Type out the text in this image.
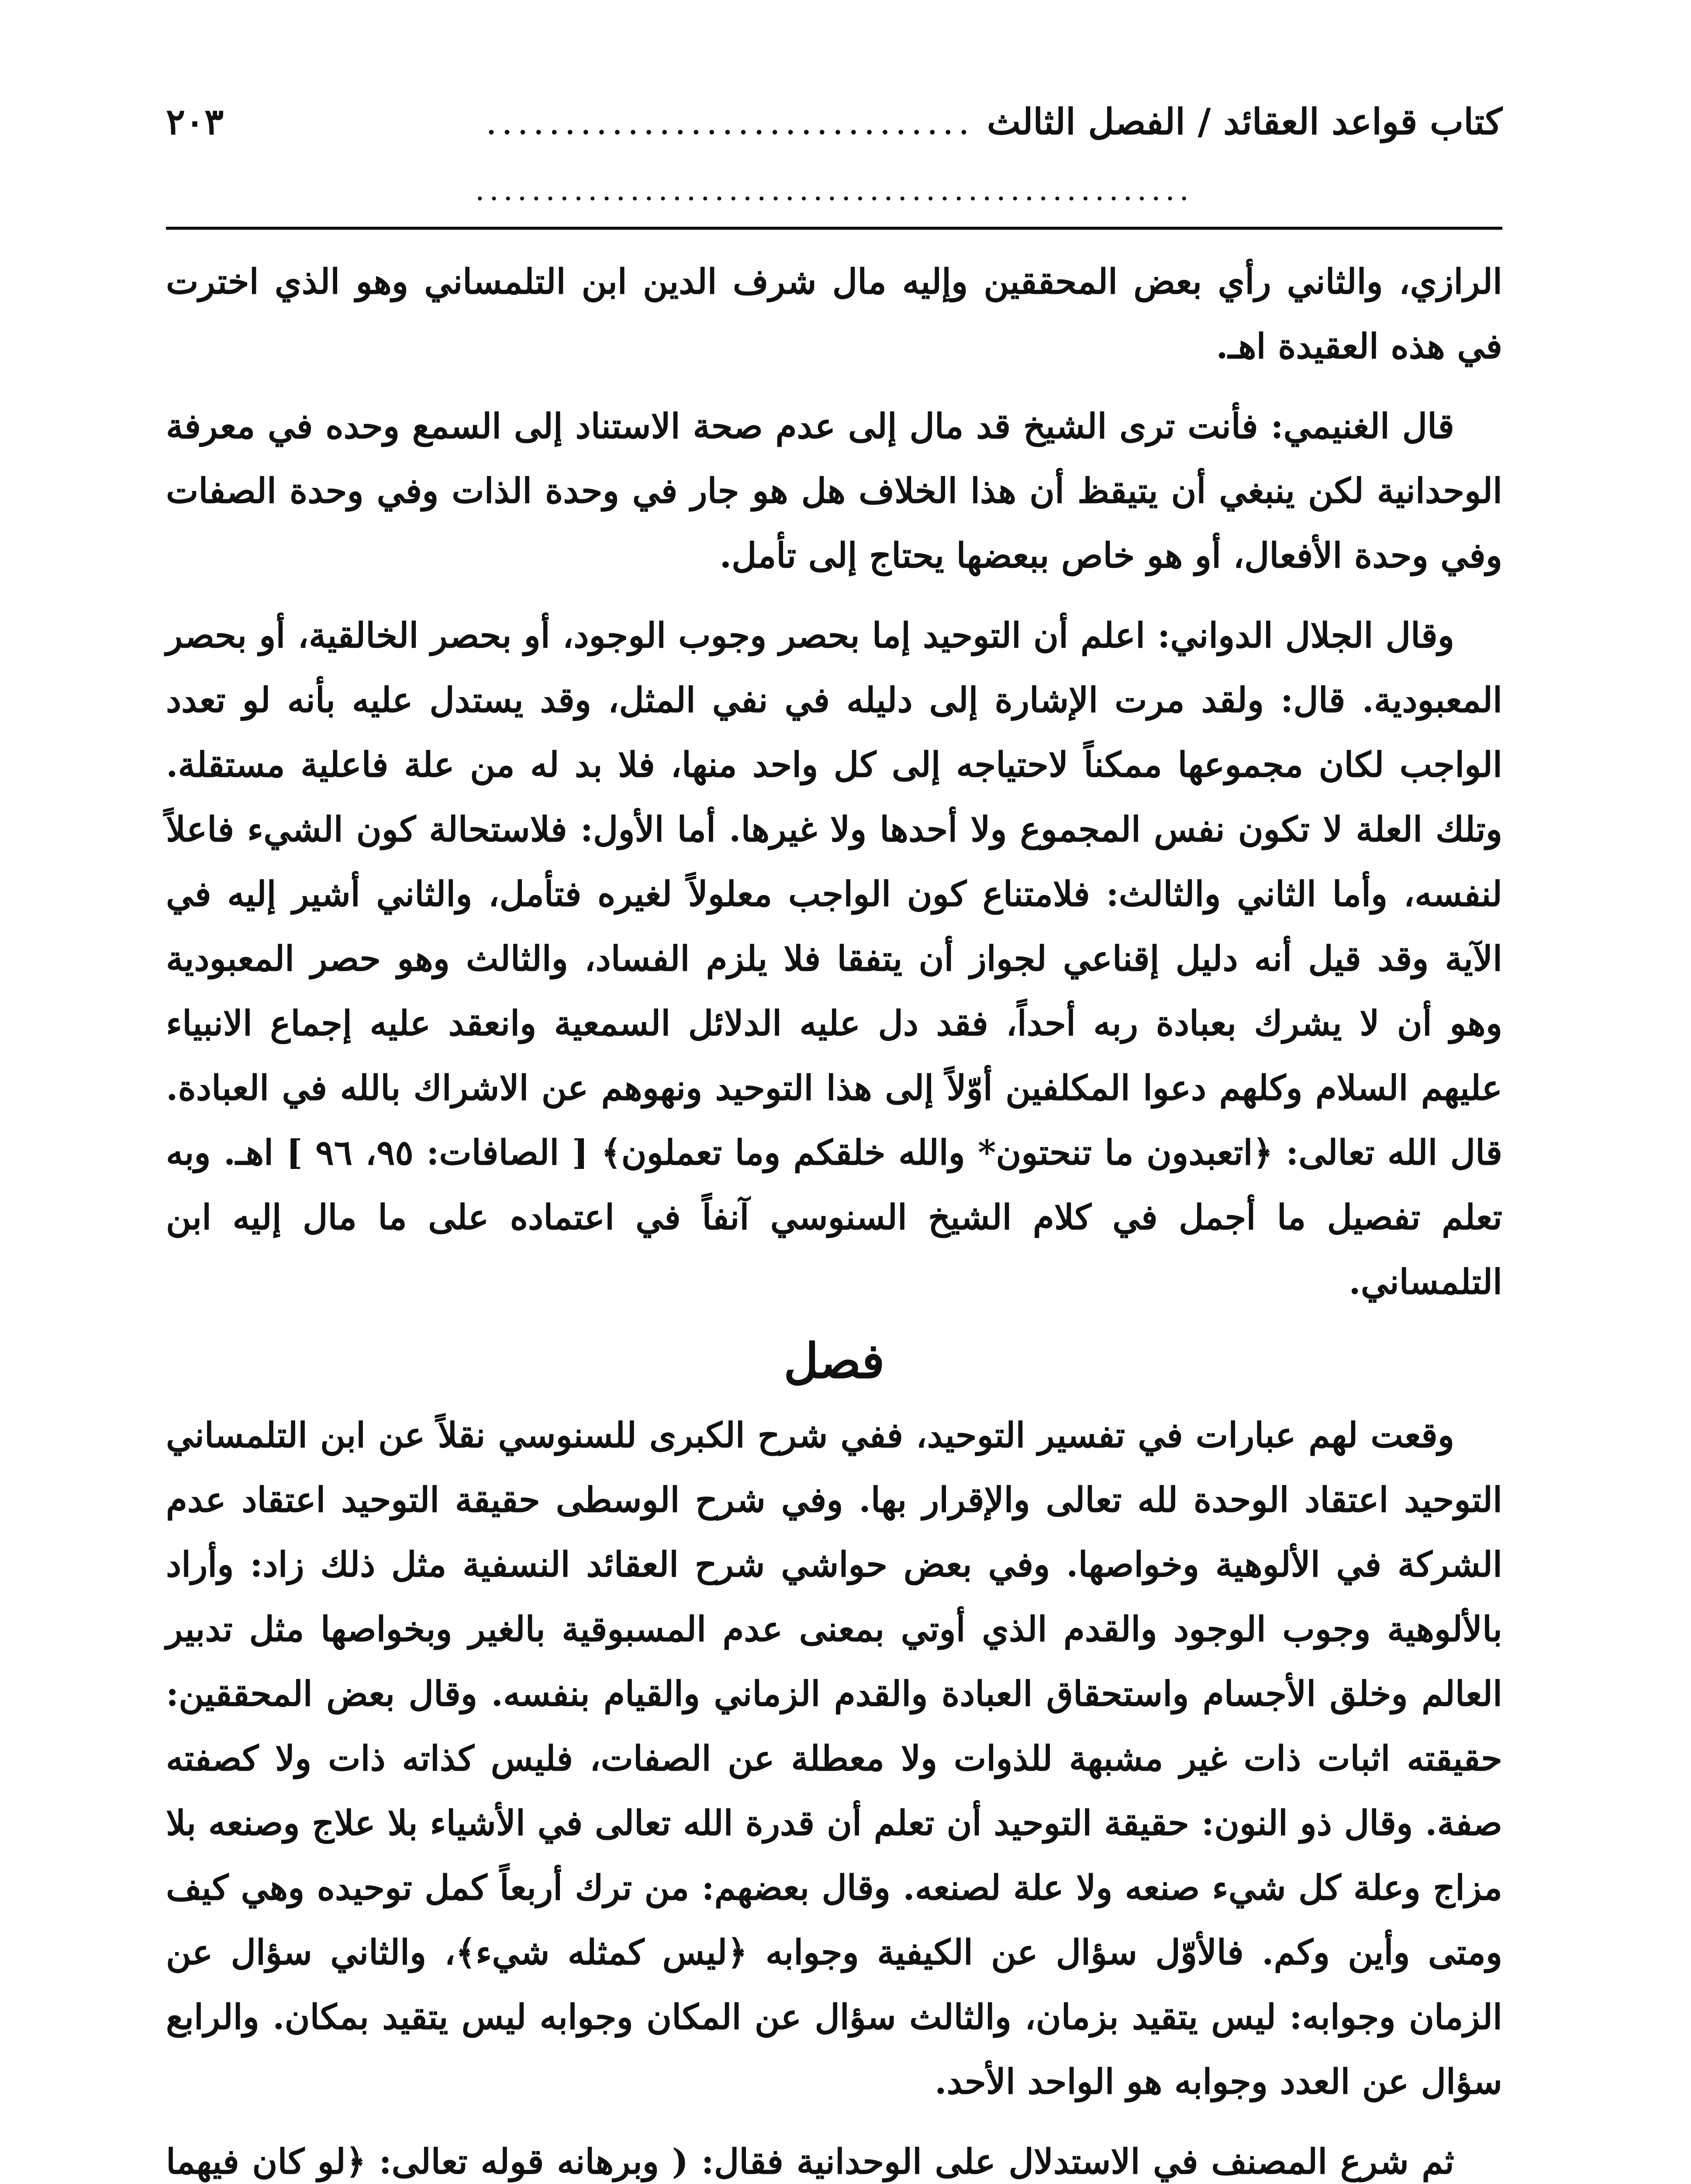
كتاب قواعد العقائد / الفصل الثالث
...............................
٢٠٣
...................................................

الرازي، والثاني رأي بعض المحققين وإليه مال شرف الدين ابن التلمساني وهو الذي اخترت في هذه العقيدة اهـ.

قال الغنيمي: فأنت ترى الشيخ قد مال إلى عدم صحة الاستناد إلى السمع وحده في معرفة الوحدانية لكن ينبغي أن يتيقظ أن هذا الخلاف هل هو جار في وحدة الذات وفي وحدة الصفات وفي وحدة الأفعال، أو هو خاص ببعضها يحتاج إلى تأمل.

وقال الجلال الدواني: اعلم أن التوحيد إما بحصر وجوب الوجود، أو بحصر الخالقية، أو بحصر المعبودية. قال: ولقد مرت الإشارة إلى دليله في نفي المثل، وقد يستدل عليه بأنه لو تعدد الواجب لكان مجموعها ممكناً لاحتياجه إلى كل واحد منها، فلا بد له من علة فاعلية مستقلة. وتلك العلة لا تكون نفس المجموع ولا أحدها ولا غيرها. أما الأول: فلاستحالة كون الشيء فاعلاً لنفسه، وأما الثاني والثالث: فلامتناع كون الواجب معلولاً لغيره فتأمل، والثاني أشير إليه في الآية وقد قيل أنه دليل إقناعي لجواز أن يتفقا فلا يلزم الفساد، والثالث وهو حصر المعبودية وهو أن لا يشرك بعبادة ربه أحداً، فقد دل عليه الدلائل السمعية وانعقد عليه إجماع الانبياء عليهم السلام وكلهم دعوا المكلفين أوّلاً إلى هذا التوحيد ونهوهم عن الاشراك بالله في العبادة. قال الله تعالى: ﴿اتعبدون ما تنحتون* والله خلقكم وما تعملون﴾ [ الصافات: ٩٥، ٩٦ ] اهـ. وبه تعلم تفصيل ما أجمل في كلام الشيخ السنوسي آنفاً في اعتماده على ما مال إليه ابن التلمساني.

فصل

وقعت لهم عبارات في تفسير التوحيد، ففي شرح الكبرى للسنوسي نقلاً عن ابن التلمساني التوحيد اعتقاد الوحدة لله تعالى والإقرار بها. وفي شرح الوسطى حقيقة التوحيد اعتقاد عدم الشركة في الألوهية وخواصها. وفي بعض حواشي شرح العقائد النسفية مثل ذلك زاد: وأراد بالألوهية وجوب الوجود والقدم الذي أوتي بمعنى عدم المسبوقية بالغير وبخواصها مثل تدبير العالم وخلق الأجسام واستحقاق العبادة والقدم الزماني والقيام بنفسه. وقال بعض المحققين: حقيقته اثبات ذات غير مشبهة للذوات ولا معطلة عن الصفات، فليس كذاته ذات ولا كصفته صفة. وقال ذو النون: حقيقة التوحيد أن تعلم أن قدرة الله تعالى في الأشياء بلا علاج وصنعه بلا مزاج وعلة كل شيء صنعه ولا علة لصنعه. وقال بعضهم: من ترك أربعاً كمل توحيده وهي كيف ومتى وأين وكم. فالأوّل سؤال عن الكيفية وجوابه ﴿ليس كمثله شيء﴾، والثاني سؤال عن الزمان وجوابه: ليس يتقيد بزمان، والثالث سؤال عن المكان وجوابه ليس يتقيد بمكان. والرابع سؤال عن العدد وجوابه هو الواحد الأحد.

ثم شرع المصنف في الاستدلال على الوحدانية فقال: ( وبرهانه قوله تعالى: ﴿لو كان فيهما
